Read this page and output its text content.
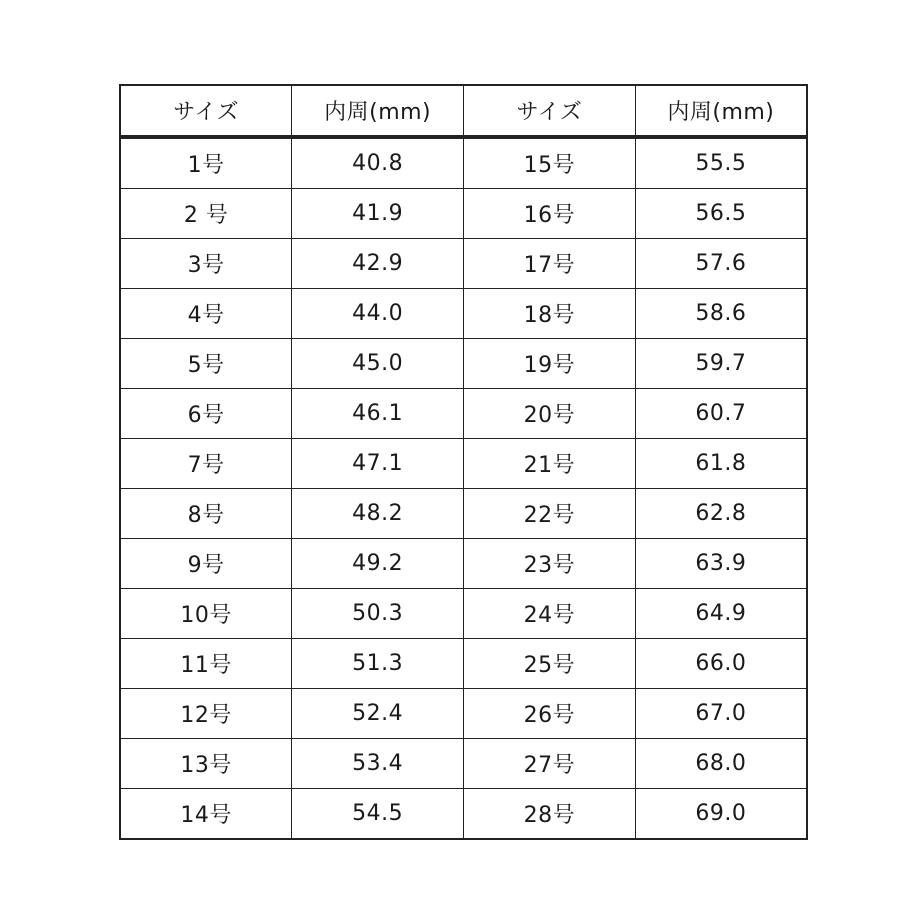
サイズ	内周(mm)	サイズ	内周(mm)
1号	40.8	15号	55.5
2 号	41.9	16号	56.5
3号	42.9	17号	57.6
4号	44.0	18号	58.6
5号	45.0	19号	59.7
6号	46.1	20号	60.7
7号	47.1	21号	61.8
8号	48.2	22号	62.8
9号	49.2	23号	63.9
10号	50.3	24号	64.9
11号	51.3	25号	66.0
12号	52.4	26号	67.0
13号	53.4	27号	68.0
14号	54.5	28号	69.0
